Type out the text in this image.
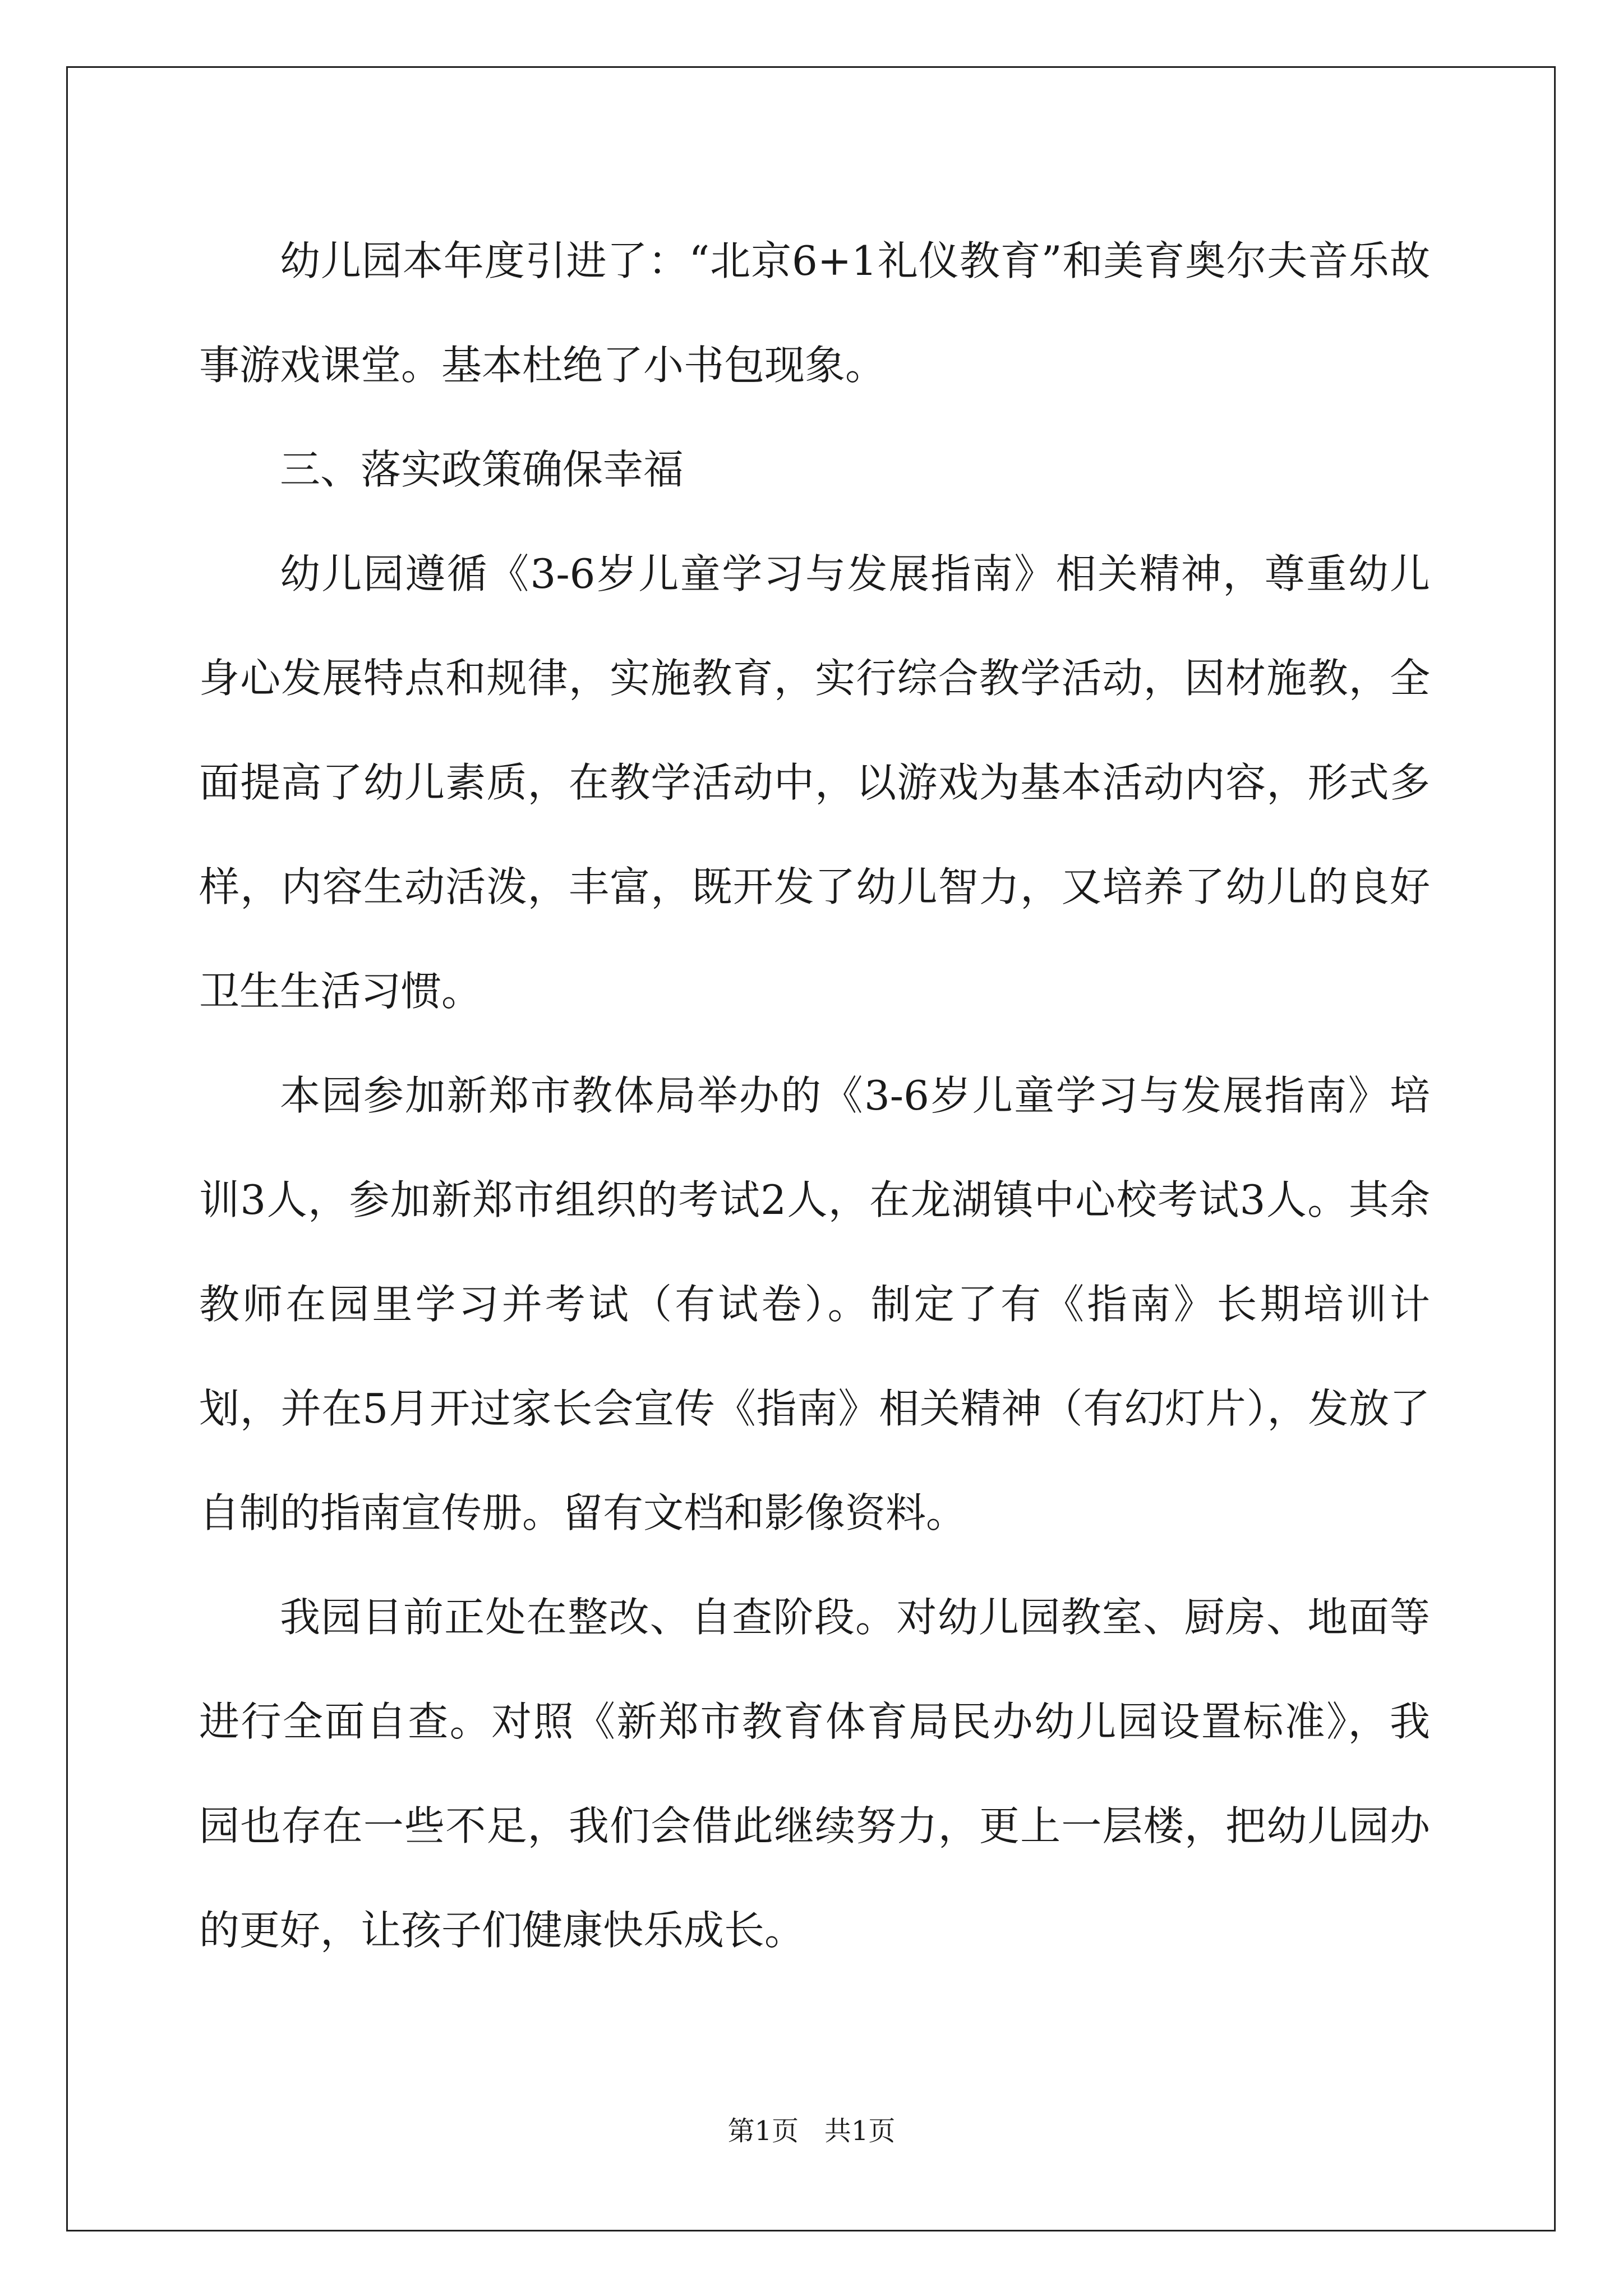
幼儿园本年度引进了：“北京6+1礼仪教育”和美育奥尔夫音乐故事游戏课堂。基本杜绝了小书包现象。

三、落实政策确保幸福

幼儿园遵循《3-6岁儿童学习与发展指南》相关精神，尊重幼儿身心发展特点和规律，实施教育，实行综合教学活动，因材施教，全面提高了幼儿素质，在教学活动中，以游戏为基本活动内容，形式多样，内容生动活泼，丰富，既开发了幼儿智力，又培养了幼儿的良好卫生生活习惯。

本园参加新郑市教体局举办的《3-6岁儿童学习与发展指南》培训3人，参加新郑市组织的考试2人，在龙湖镇中心校考试3人。其余教师在园里学习并考试（有试卷）。制定了有《指南》长期培训计划，并在5月开过家长会宣传《指南》相关精神（有幻灯片），发放了自制的指南宣传册。留有文档和影像资料。

我园目前正处在整改、自查阶段。对幼儿园教室、厨房、地面等进行全面自查。对照《新郑市教育体育局民办幼儿园设置标准》，我园也存在一些不足，我们会借此继续努力，更上一层楼，把幼儿园办的更好，让孩子们健康快乐成长。

第1页   共1页
